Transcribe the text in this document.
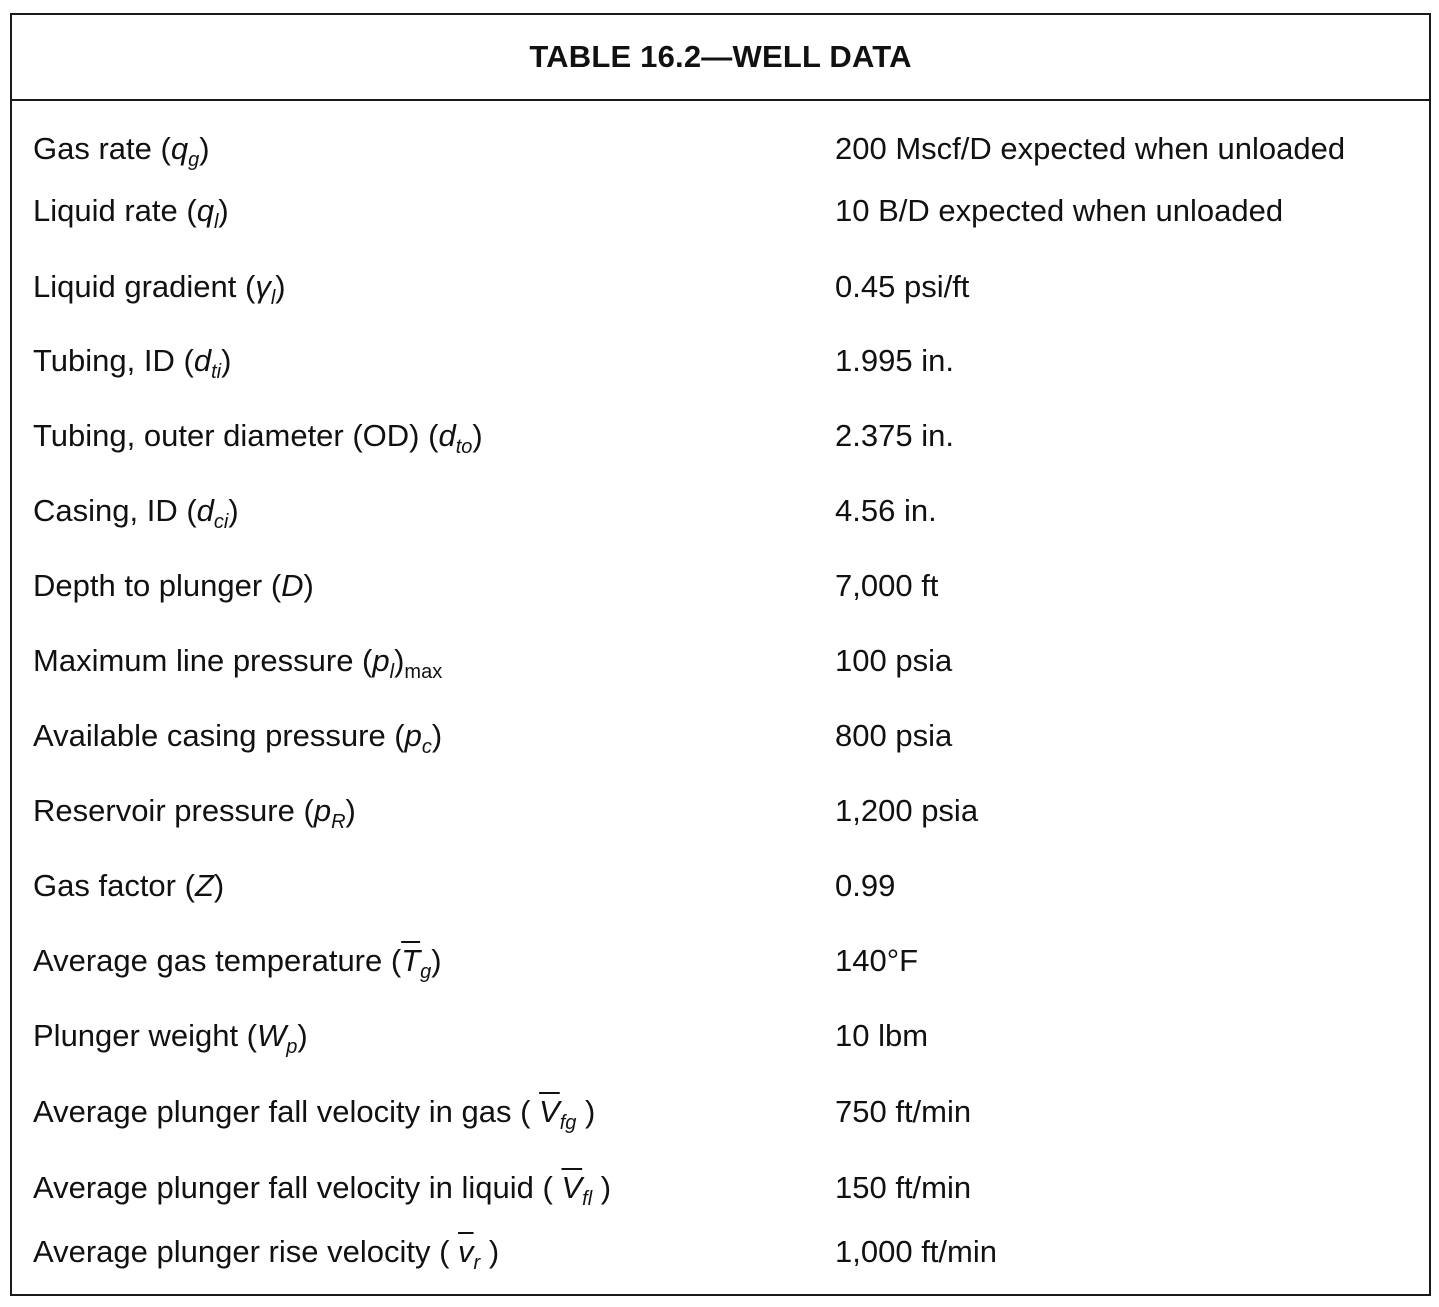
TABLE 16.2—WELL DATA
Gas rate $(q_g)$	200 Mscf/D expected when unloaded
Liquid rate $(q_l)$	10 B/D expected when unloaded
Liquid gradient $(\gamma_l)$	0.45 psi/ft
Tubing, ID $(d_{ti})$	1.995 in.
Tubing, outer diameter (OD) $(d_{to})$	2.375 in.
Casing, ID $(d_{ci})$	4.56 in.
Depth to plunger (D)	7,000 ft
Maximum line pressure $(p_l)_{max}$	100 psia
Available casing pressure $(p_c)$	800 psia
Reservoir pressure $(p_R)$	1,200 psia
Gas factor (Z)	0.99
Average gas temperature $(\overline{T}_g)$	140°F
Plunger weight $(W_p)$	10 lbm
Average plunger fall velocity in gas ( $\overline{V}_{fg}$ )	750 ft/min
Average plunger fall velocity in liquid ( $\overline{V}_{fl}$ )	150 ft/min
Average plunger rise velocity ( $\overline{v}_r$ )	1,000 ft/min
